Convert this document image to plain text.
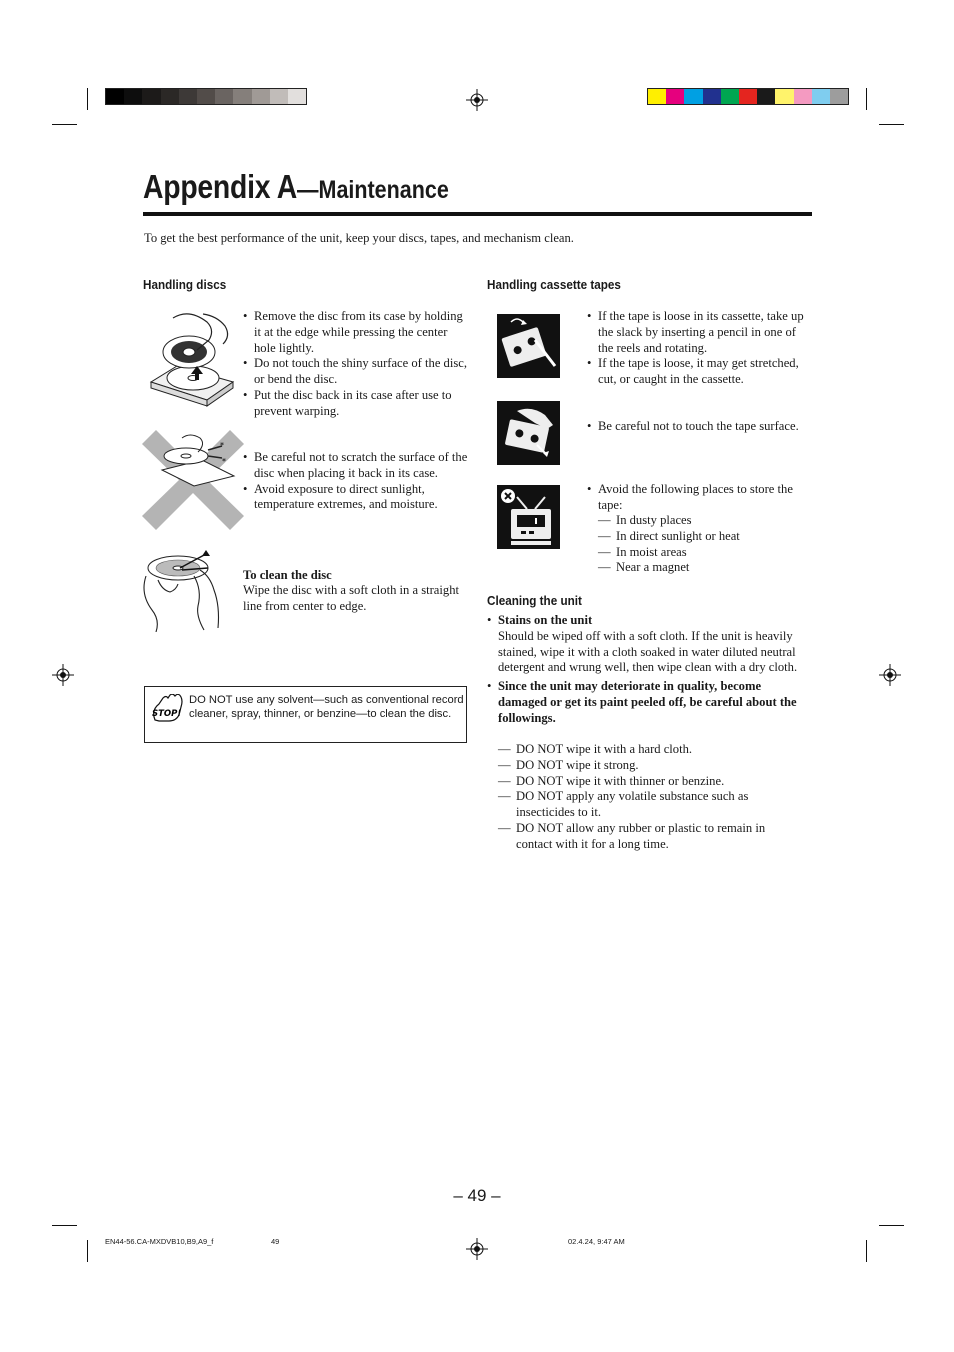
Appendix A—Maintenance
To get the best performance of the unit, keep your discs, tapes, and mechanism clean.
Handling discs
• Remove the disc from its case by holding it at the edge while pressing the center hole lightly.
• Do not touch the shiny surface of the disc, or bend the disc.
• Put the disc back in its case after use to prevent warping.
*
*
•	Be careful not to scratch the surface of the disc when placing it back in its case.
• Avoid exposure to direct sunlight, temperature extremes, and moisture.
To clean the disc
Wipe the disc with a soft cloth in a straight line from center to edge.
STOP!
DO NOT use any solvent—such as conventional record cleaner, spray, thinner, or benzine—to clean the disc.
Handling cassette tapes
• If the tape is loose in its cassette, take up the slack by inserting a pencil in one of the reels and rotating.
• If the tape is loose, it may get stretched, cut, or caught in the cassette.
• Be careful not to touch the tape surface.
• Avoid the following places to store the tape:
— In dusty places
— In direct sunlight or heat
— In moist areas
— Near a magnet
Cleaning the unit
• Stains on the unit
Should be wiped off with a soft cloth. If the unit is heavily stained, wipe it with a cloth soaked in water diluted neutral detergent and wrung well, then wipe clean with a dry cloth.
• Since the unit may deteriorate in quality, become damaged or get its paint peeled off, be careful about the followings.
— DO NOT wipe it with a hard cloth.
— DO NOT wipe it strong.
— DO NOT wipe it with thinner or benzine.
— DO NOT apply any volatile substance such as insecticides to it.
— DO NOT allow any rubber or plastic to remain in contact with it for a long time.
– 49 –
EN44-56.CA-MXDVB10,B9,A9_f	49	02.4.24, 9:47 AM
